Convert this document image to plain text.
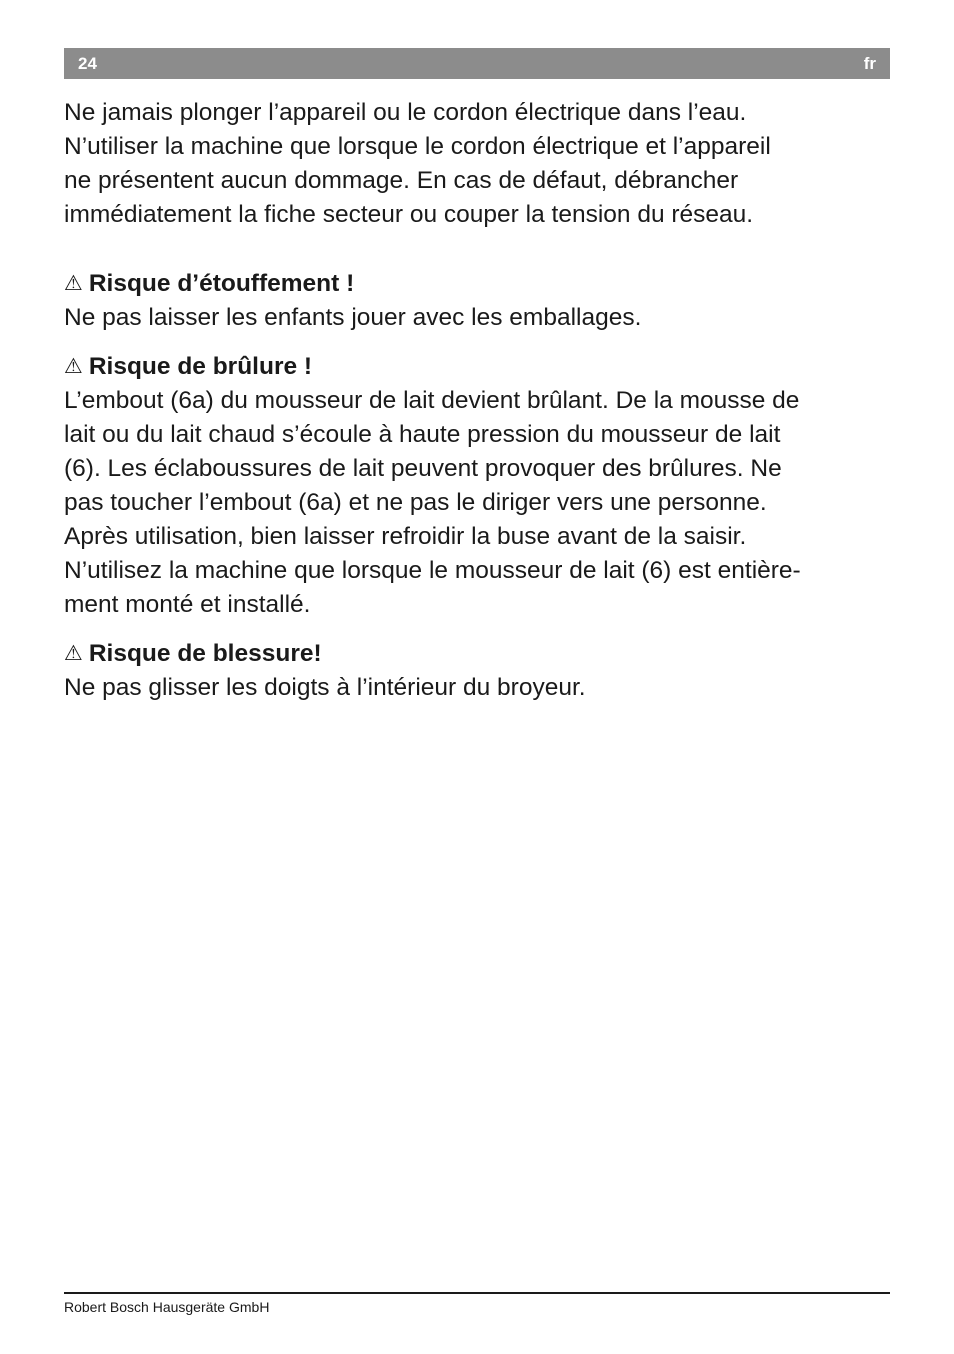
24	fr

Ne jamais plonger l’appareil ou le cordon électrique dans l’eau.
N’utiliser la machine que lorsque le cordon électrique et l’appareil
ne présentent aucun dommage. En cas de défaut, débrancher
immédiatement la fiche secteur ou couper la tension du réseau.

⚠ Risque d’étouffement !

Ne pas laisser les enfants jouer avec les emballages.

⚠ Risque de brûlure !

L’embout (6a) du mousseur de lait devient brûlant. De la mousse de
lait ou du lait chaud s’écoule à haute pression du mousseur de lait
(6). Les éclaboussures de lait peuvent provoquer des brûlures. Ne
pas toucher l’embout (6a) et ne pas le diriger vers une personne.
Après utilisation, bien laisser refroidir la buse avant de la saisir.
N’utilisez la machine que lorsque le mousseur de lait (6) est entière-
ment monté et installé.

⚠ Risque de blessure!

Ne pas glisser les doigts à l’intérieur du broyeur.

Robert Bosch Hausgeräte GmbH
